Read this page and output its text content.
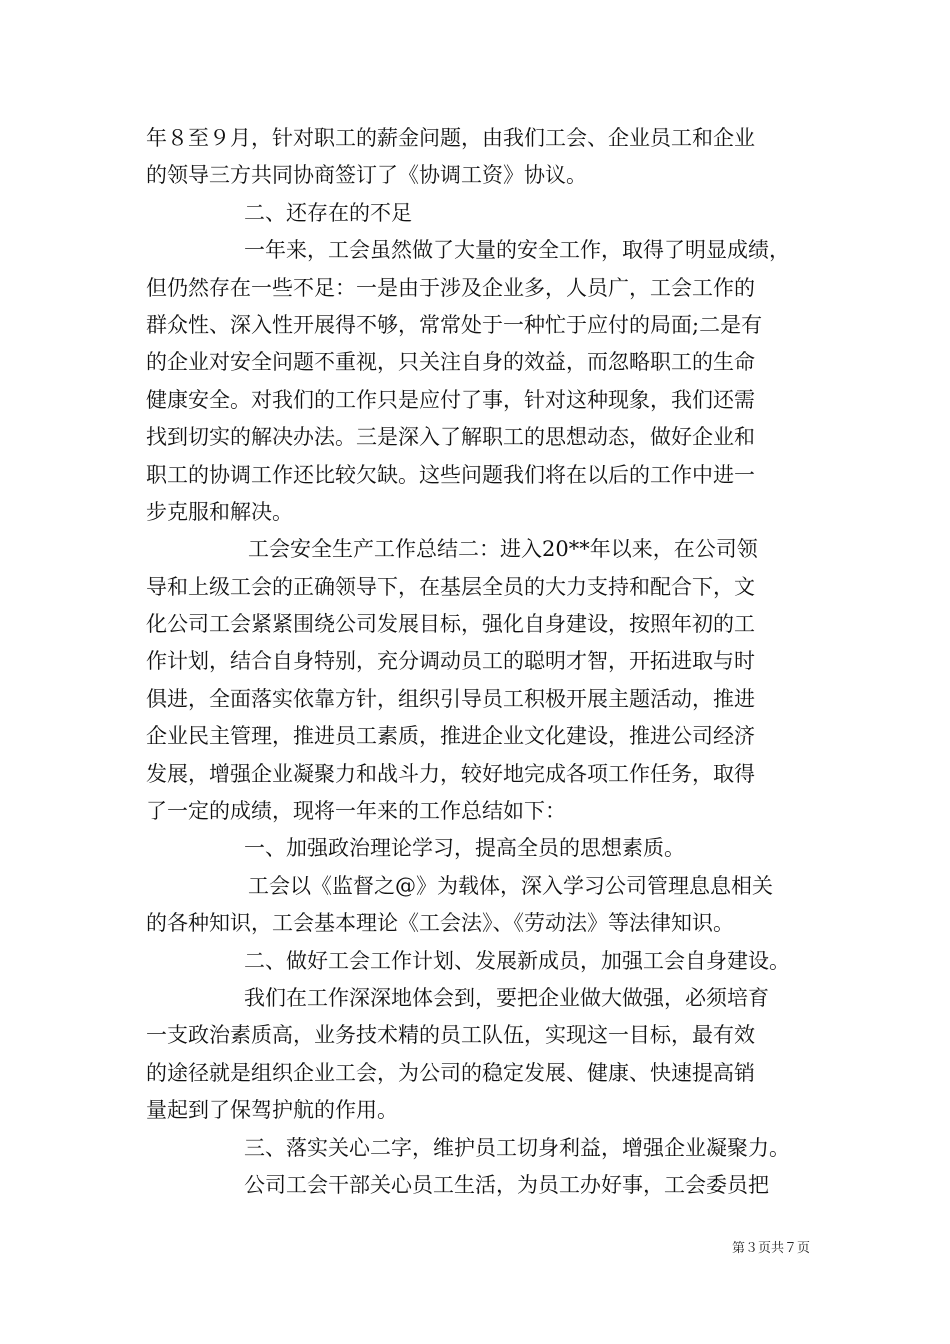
年８至９月，针对职工的薪金问题，由我们工会、企业员工和企业
的领导三方共同协商签订了《协调工资》协议。
二、还存在的不足
一年来，工会虽然做了大量的安全工作，取得了明显成绩，
但仍然存在一些不足：一是由于涉及企业多，人员广，工会工作的
群众性、深入性开展得不够，常常处于一种忙于应付的局面;二是有
的企业对安全问题不重视，只关注自身的效益，而忽略职工的生命
健康安全。对我们的工作只是应付了事，针对这种现象，我们还需
找到切实的解决办法。三是深入了解职工的思想动态，做好企业和
职工的协调工作还比较欠缺。这些问题我们将在以后的工作中进一
步克服和解决。
工会安全生产工作总结二：进入20**年以来，在公司领
导和上级工会的正确领导下，在基层全员的大力支持和配合下，文
化公司工会紧紧围绕公司发展目标，强化自身建设，按照年初的工
作计划，结合自身特别，充分调动员工的聪明才智，开拓进取与时
俱进，全面落实依靠方针，组织引导员工积极开展主题活动，推进
企业民主管理，推进员工素质，推进企业文化建设，推进公司经济
发展，增强企业凝聚力和战斗力，较好地完成各项工作任务，取得
了一定的成绩，现将一年来的工作总结如下：
一、加强政治理论学习，提高全员的思想素质。
工会以《监督之@》为载体，深入学习公司管理息息相关
的各种知识，工会基本理论《工会法》、《劳动法》等法律知识。
二、做好工会工作计划、发展新成员，加强工会自身建设。
我们在工作深深地体会到，要把企业做大做强，必须培育
一支政治素质高，业务技术精的员工队伍，实现这一目标，最有效
的途径就是组织企业工会，为公司的稳定发展、健康、快速提高销
量起到了保驾护航的作用。
三、落实关心二字，维护员工切身利益，增强企业凝聚力。
公司工会干部关心员工生活，为员工办好事，工会委员把
第３页共７页
